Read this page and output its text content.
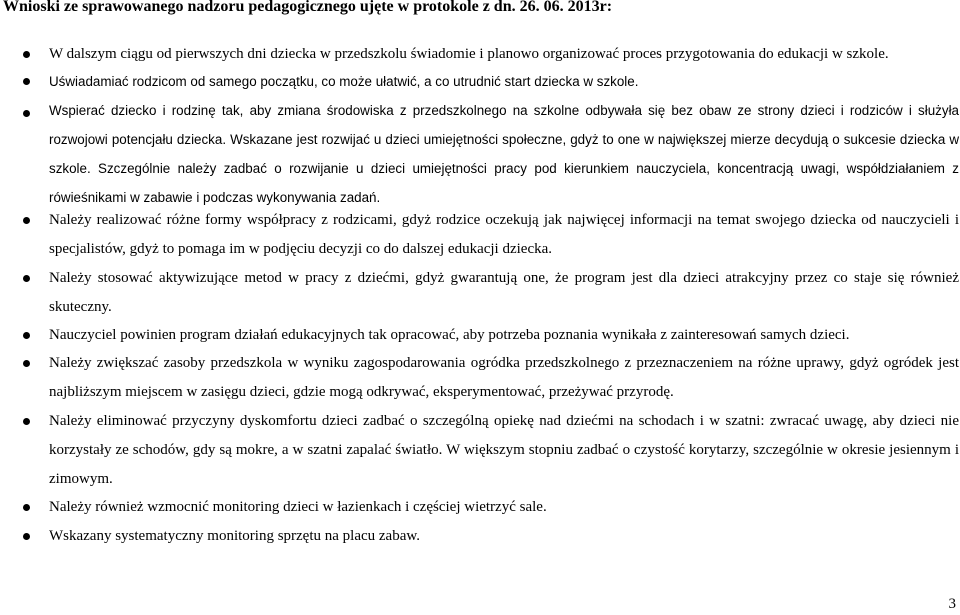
Wnioski ze sprawowanego nadzoru pedagogicznego ujęte w protokole z dn. 26. 06. 2013r:
W dalszym ciągu od pierwszych dni dziecka w przedszkolu świadomie i planowo organizować proces przygotowania do edukacji w szkole.
Uświadamiać rodzicom od samego początku, co może ułatwić, a co utrudnić start dziecka w szkole.
Wspierać dziecko i rodzinę tak, aby zmiana środowiska z przedszkolnego na szkolne odbywała się bez obaw ze strony dzieci i rodziców i służyła rozwojowi potencjału dziecka. Wskazane jest rozwijać u dzieci umiejętności społeczne, gdyż to one w największej mierze decydują o sukcesie dziecka w szkole. Szczególnie należy zadbać o rozwijanie u dzieci umiejętności pracy pod kierunkiem nauczyciela, koncentracją uwagi, współdziałaniem z rówieśnikami w zabawie i podczas wykonywania zadań.
Należy realizować różne formy współpracy z rodzicami, gdyż rodzice oczekują jak najwięcej informacji na temat swojego dziecka od nauczycieli i specjalistów, gdyż to pomaga im w podjęciu decyzji co do dalszej edukacji dziecka.
Należy stosować aktywizujące metod w pracy z dziećmi, gdyż gwarantują one, że program jest dla dzieci atrakcyjny przez co staje się również skuteczny.
Nauczyciel powinien program działań edukacyjnych tak opracować, aby potrzeba poznania wynikała z zainteresowań samych dzieci.
Należy zwiększać zasoby przedszkola w wyniku zagospodarowania ogródka przedszkolnego z przeznaczeniem na różne uprawy, gdyż ogródek jest najbliższym miejscem w zasięgu dzieci, gdzie mogą odkrywać, eksperymentować, przeżywać przyrodę.
Należy eliminować przyczyny dyskomfortu dzieci zadbać o szczególną opiekę nad dziećmi na schodach i w szatni: zwracać uwagę, aby dzieci nie korzystały ze schodów, gdy są mokre, a w szatni zapalać światło. W większym stopniu zadbać o czystość korytarzy, szczególnie w okresie jesiennym i zimowym.
Należy również wzmocnić monitoring dzieci w łazienkach i częściej wietrzyć sale.
Wskazany systematyczny monitoring sprzętu na placu zabaw.
3
